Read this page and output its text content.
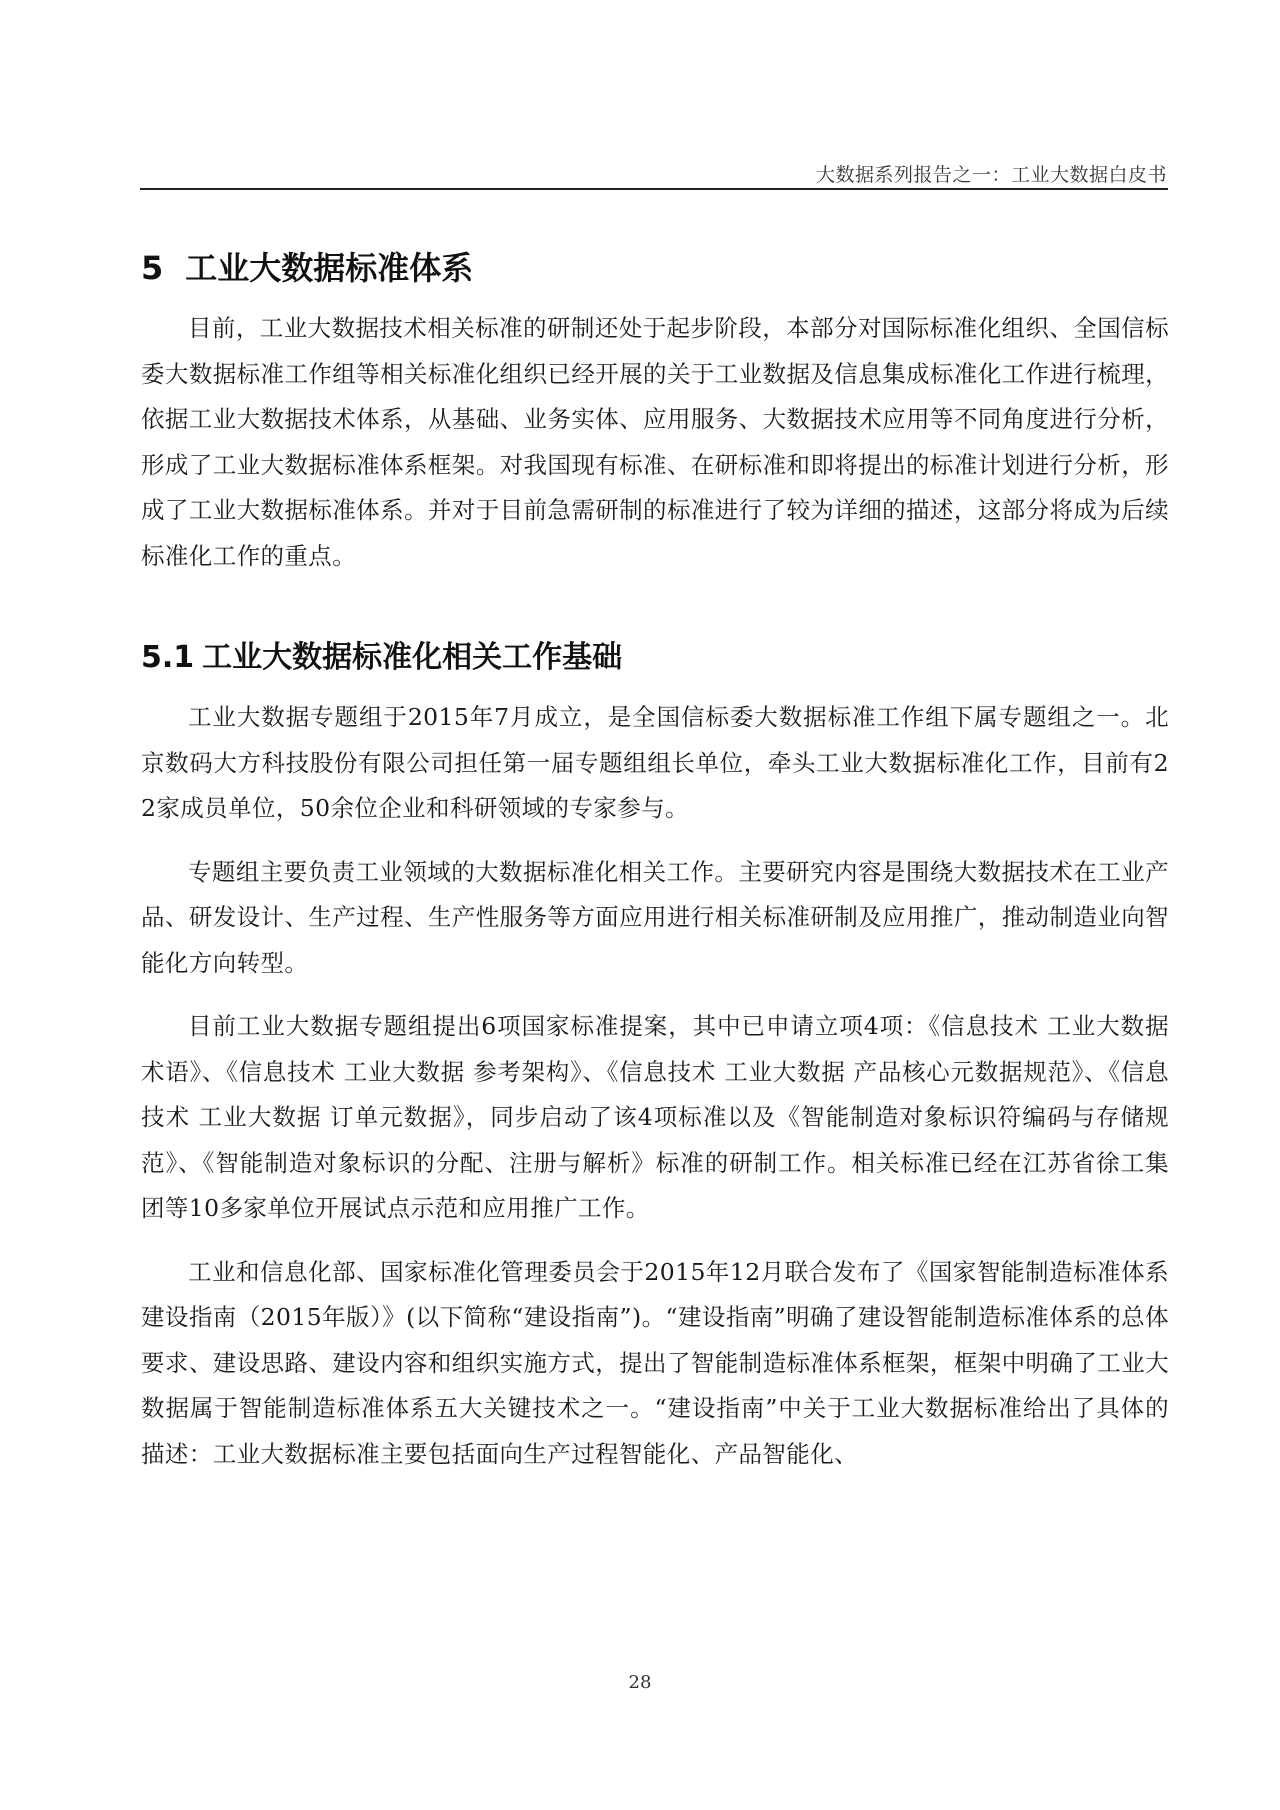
大数据系列报告之一：工业大数据白皮书
5 工业大数据标准体系

目前，工业大数据技术相关标准的研制还处于起步阶段，本部分对国际标准化组织、全国信标委大数据标准工作组等相关标准化组织已经开展的关于工业数据及信息集成标准化工作进行梳理，依据工业大数据技术体系，从基础、业务实体、应用服务、大数据技术应用等不同角度进行分析，形成了工业大数据标准体系框架。对我国现有标准、在研标准和即将提出的标准计划进行分析，形成了工业大数据标准体系。并对于目前急需研制的标准进行了较为详细的描述，这部分将成为后续标准化工作的重点。

5.1 工业大数据标准化相关工作基础

工业大数据专题组于2015年7月成立，是全国信标委大数据标准工作组下属专题组之一。北京数码大方科技股份有限公司担任第一届专题组组长单位，牵头工业大数据标准化工作，目前有22家成员单位，50余位企业和科研领域的专家参与。

专题组主要负责工业领域的大数据标准化相关工作。主要研究内容是围绕大数据技术在工业产品、研发设计、生产过程、生产性服务等方面应用进行相关标准研制及应用推广，推动制造业向智能化方向转型。

目前工业大数据专题组提出6项国家标准提案，其中已申请立项4项：《信息技术 工业大数据 术语》、《信息技术 工业大数据 参考架构》、《信息技术 工业大数据 产品核心元数据规范》、《信息技术 工业大数据 订单元数据》，同步启动了该4项标准以及《智能制造对象标识符编码与存储规范》、《智能制造对象标识的分配、注册与解析》标准的研制工作。相关标准已经在江苏省徐工集团等10多家单位开展试点示范和应用推广工作。

工业和信息化部、国家标准化管理委员会于2015年12月联合发布了《国家智能制造标准体系建设指南（2015年版）》(以下简称“建设指南”)。“建设指南”明确了建设智能制造标准体系的总体要求、建设思路、建设内容和组织实施方式，提出了智能制造标准体系框架，框架中明确了工业大数据属于智能制造标准体系五大关键技术之一。“建设指南”中关于工业大数据标准给出了具体的描述：工业大数据标准主要包括面向生产过程智能化、产品智能化、

28
